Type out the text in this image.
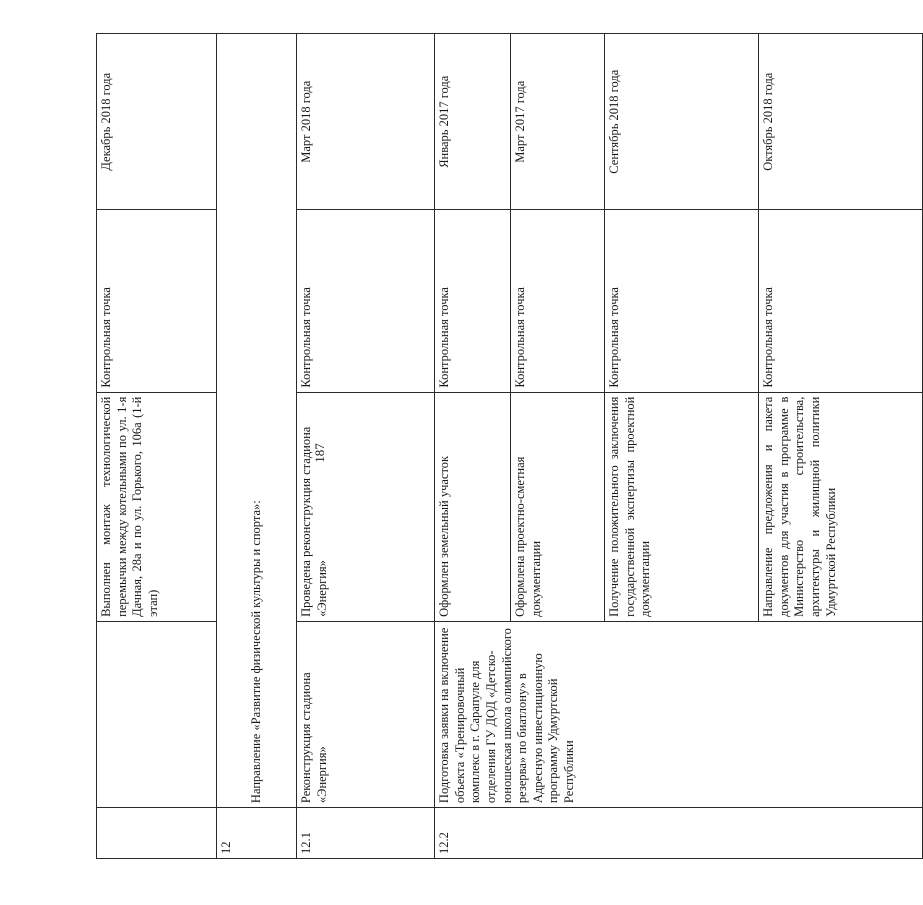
187
		Выполнен монтаж технологической перемычки между котельными по ул. 1-я Дачная, 28а и по ул. Горького, 106а (1-й этап)	Контрольная точка	Декабрь 2018 года
12	Направление «Развитие физической культуры и спорта»:			
12.1	Реконструкция стадиона «Энергия»	Проведена реконструкция стадиона «Энергия»	Контрольная точка	Март 2018 года
12.2	Подготовка заявки на включение объекта «Тренировочный комплекс в г. Сарапуле для отделения ГУ ДОД «Детско-юношеская школа олимпийского резерва» по биатлону» в Адресную инвестиционную программу Удмуртской Республики	Оформлен земельный участок	Контрольная точка	Январь 2017 года
		Оформлена проектно-сметная документации	Контрольная точка	Март 2017 года
		Получение положительного заключения государственной экспертизы проектной документации	Контрольная точка	Сентябрь 2018 года
		Направление предложения и пакета документов для участия в программе в Министерство строительства, архитектуры и жилищной политики Удмуртской Республики	Контрольная точка	Октябрь 2018 года
